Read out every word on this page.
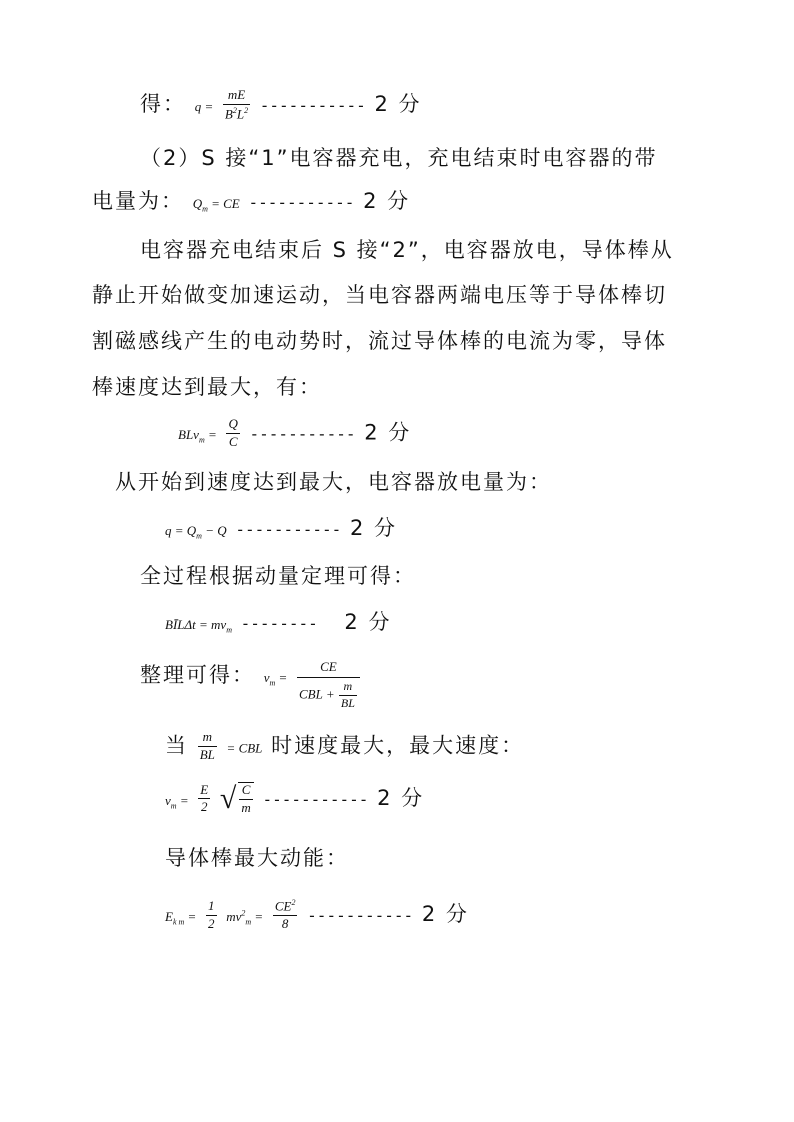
得： $q = \frac{mE}{B^2L^2}$ ----------- 2 分
（2）S 接“1”电容器充电，充电结束时电容器的带
电量为： $Q_m$ = CE ----------- 2 分
电容器充电结束后 S 接“2”，电容器放电，导体棒从
静止开始做变加速运动，当电容器两端电压等于导体棒切
割磁感线产生的电动势时，流过导体棒的电流为零，导体
棒速度达到最大，有：
$BLv_m = \frac{Q}{C}$ ----------- 2 分
从开始到速度达到最大，电容器放电量为：
$q = Q_m - Q$ ----------- 2 分
全过程根据动量定理可得：
BĪLΔt = $mv_m$ -------- 2 分
整理可得： $v_m = \frac{CE}{CBL + \frac{m}{BL}}$
当 $\frac{m}{BL}$ = CBL 时速度最大，最大速度：
$v_m = \frac{E}{2}$ √ $\frac{C}{m}$ ----------- 2 分
导体棒最大动能：
$E_{k m} = \frac{1}{2} mv^2_m = \frac{CE^2}{8}$ ----------- 2 分
